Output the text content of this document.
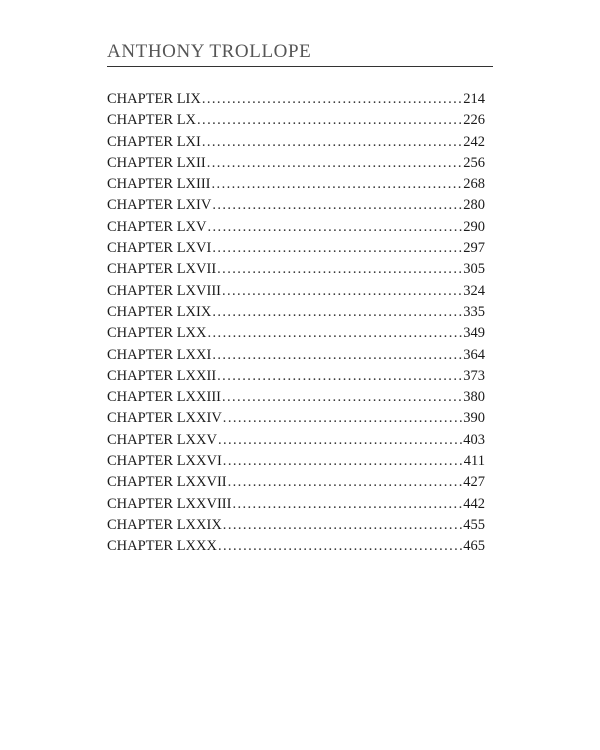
ANTHONY TROLLOPE
CHAPTER LIX .....	214
CHAPTER LX .....	226
CHAPTER LXI .....	242
CHAPTER LXII .....	256
CHAPTER LXIII .....	268
CHAPTER LXIV .....	280
CHAPTER LXV .....	290
CHAPTER LXVI .....	297
CHAPTER LXVII .....	305
CHAPTER LXVIII .....	324
CHAPTER LXIX .....	335
CHAPTER LXX .....	349
CHAPTER LXXI .....	364
CHAPTER LXXII .....	373
CHAPTER LXXIII .....	380
CHAPTER LXXIV .....	390
CHAPTER LXXV .....	403
CHAPTER LXXVI .....	411
CHAPTER LXXVII .....	427
CHAPTER LXXVIII .....	442
CHAPTER LXXIX .....	455
CHAPTER LXXX .....	465
